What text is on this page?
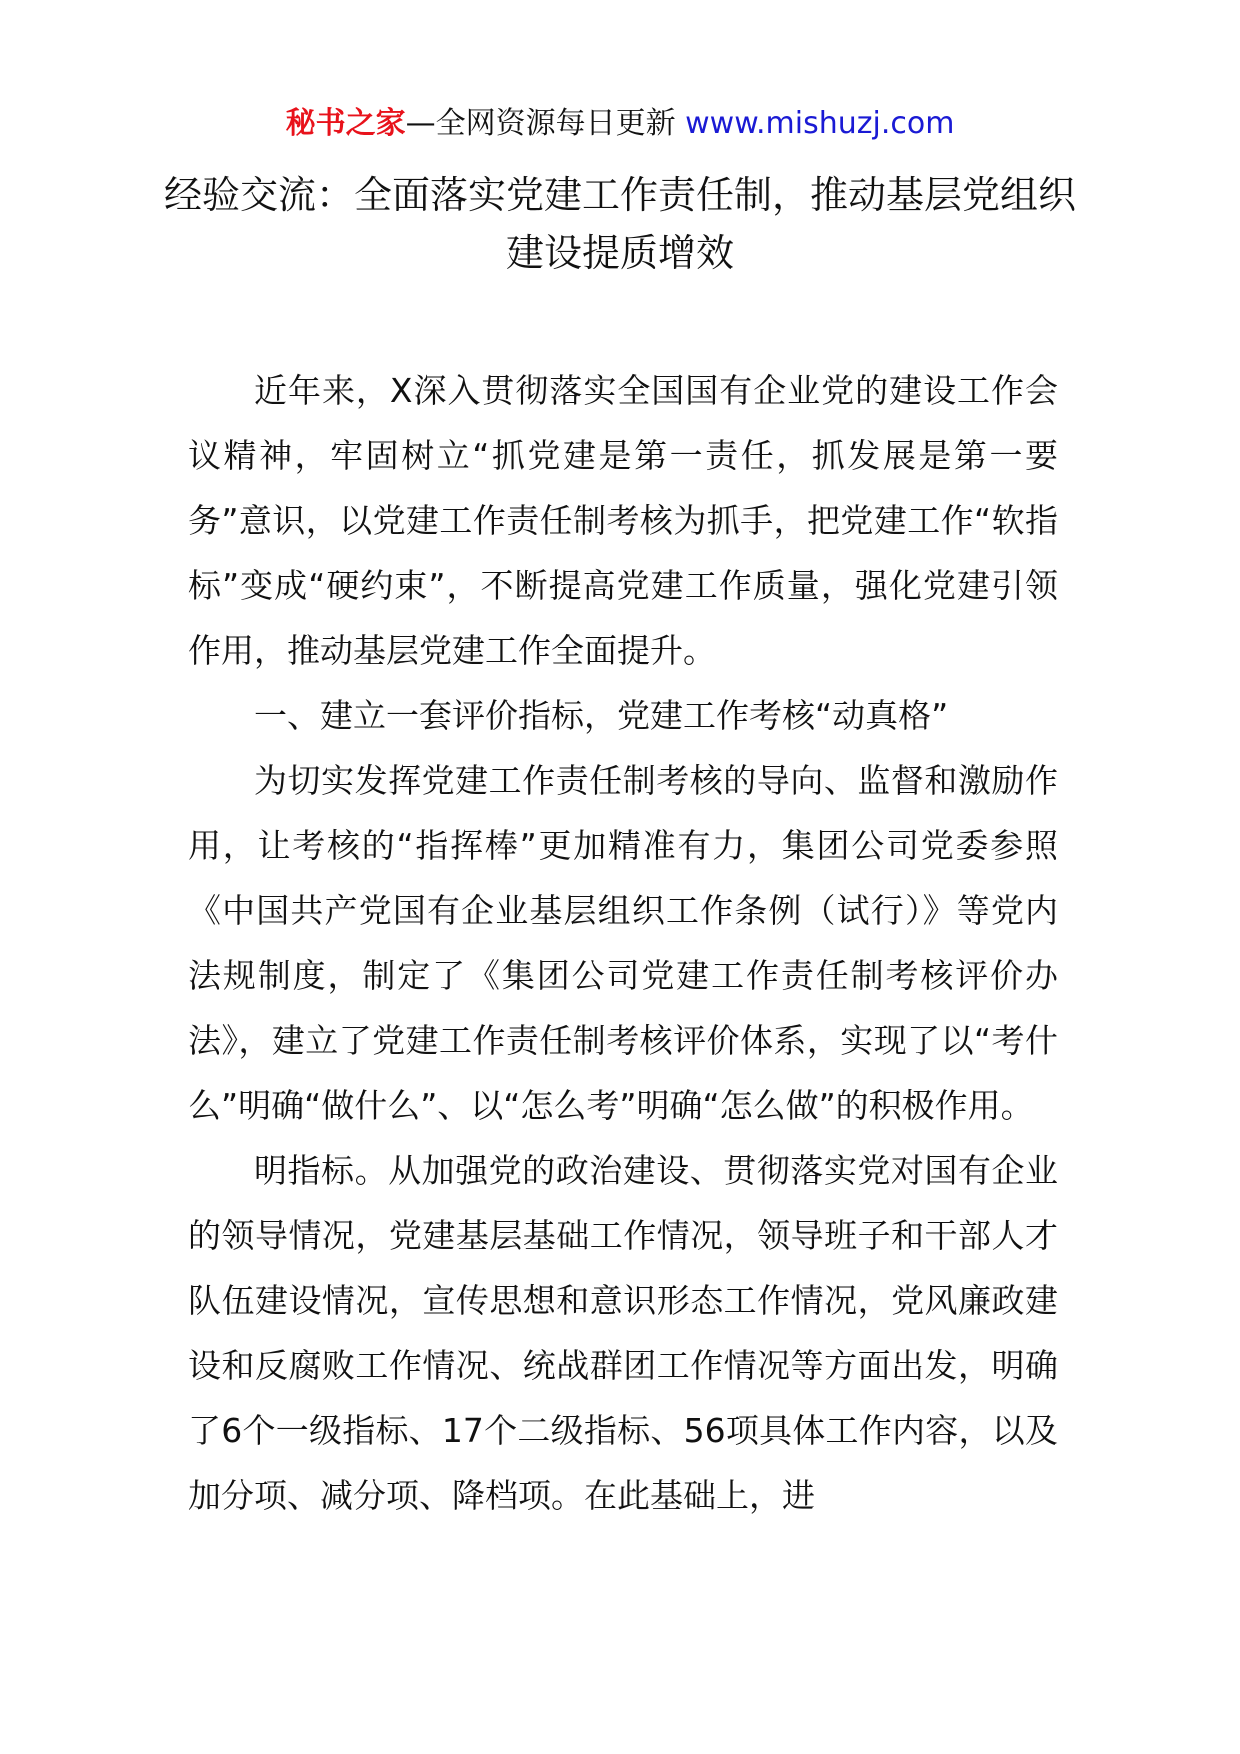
秘书之家—全网资源每日更新 www.mishuzj.com
经验交流：全面落实党建工作责任制，推动基层党组织建设提质增效

近年来，X深入贯彻落实全国国有企业党的建设工作会议精神，牢固树立“抓党建是第一责任，抓发展是第一要务”意识，以党建工作责任制考核为抓手，把党建工作“软指标”变成“硬约束”，不断提高党建工作质量，强化党建引领作用，推动基层党建工作全面提升。

一、建立一套评价指标，党建工作考核“动真格”

为切实发挥党建工作责任制考核的导向、监督和激励作用，让考核的“指挥棒”更加精准有力，集团公司党委参照《中国共产党国有企业基层组织工作条例（试行）》等党内法规制度，制定了《集团公司党建工作责任制考核评价办法》，建立了党建工作责任制考核评价体系，实现了以“考什么”明确“做什么”、以“怎么考”明确“怎么做”的积极作用。

明指标。从加强党的政治建设、贯彻落实党对国有企业的领导情况，党建基层基础工作情况，领导班子和干部人才队伍建设情况，宣传思想和意识形态工作情况，党风廉政建设和反腐败工作情况、统战群团工作情况等方面出发，明确了6个一级指标、17个二级指标、56项具体工作内容，以及加分项、减分项、降档项。在此基础上，进
